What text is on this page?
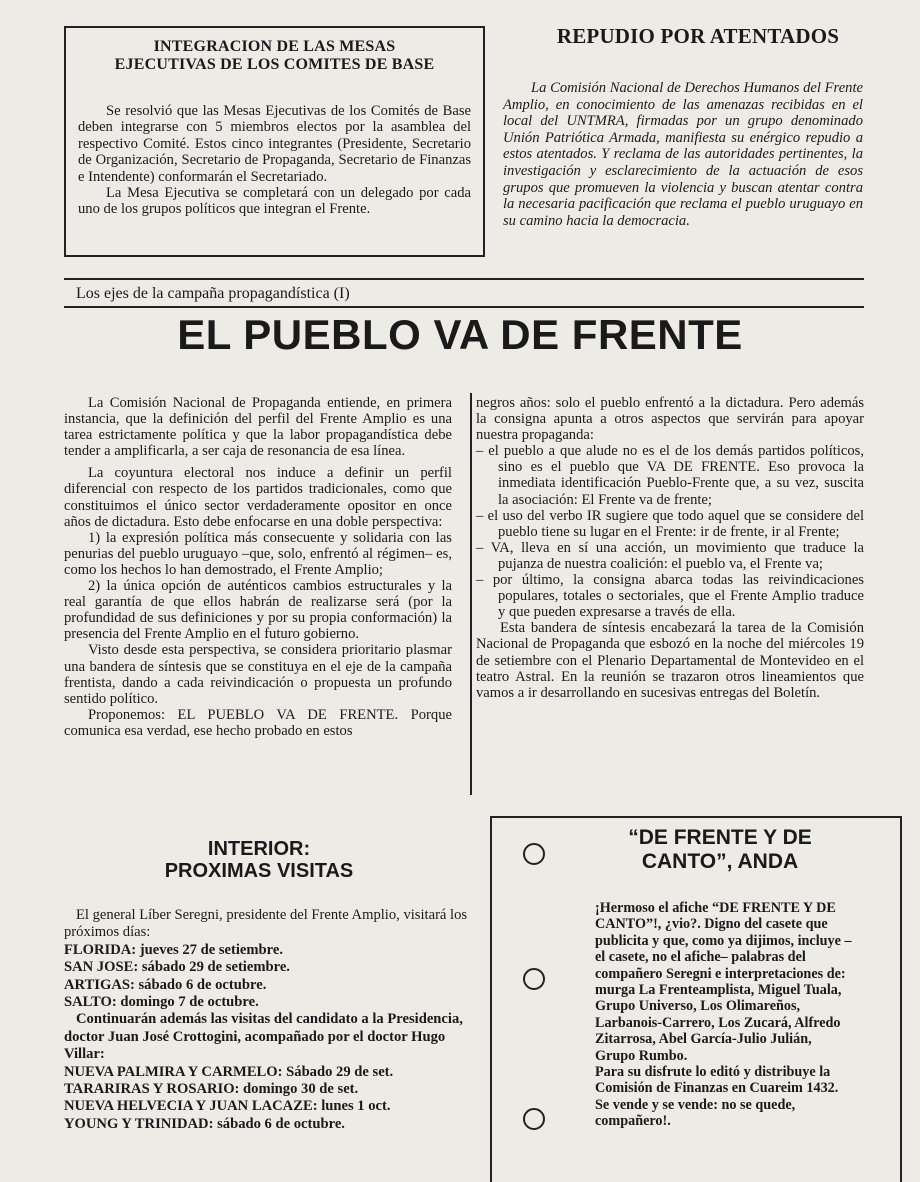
INTEGRACION DE LAS MESAS
EJECUTIVAS DE LOS COMITES DE BASE

Se resolvió que las Mesas Ejecutivas de los Comités de Base deben integrarse con 5 miembros electos por la asamblea del respectivo Comité. Estos cinco integrantes (Presidente, Secretario de Organización, Secretario de Propaganda, Secretario de Finanzas e Intendente) conformarán el Secretariado.

La Mesa Ejecutiva se completará con un delegado por cada uno de los grupos políticos que integran el Frente.

REPUDIO POR ATENTADOS
La Comisión Nacional de Derechos Humanos del Frente Amplio, en conocimiento de las amenazas recibidas en el local del UNTMRA, firmadas por un grupo denominado Unión Patriótica Armada, manifiesta su enérgico repudio a estos atentados. Y reclama de las autoridades pertinentes, la investigación y esclarecimiento de la actuación de esos grupos que promueven la violencia y buscan atentar contra la necesaria pacificación que reclama el pueblo uruguayo en su camino hacia la democracia.
Los ejes de la campaña propagandística (I)
EL PUEBLO VA DE FRENTE

La Comisión Nacional de Propaganda entiende, en primera instancia, que la definición del perfil del Frente Amplio es una tarea estrictamente política y que la labor propagandística debe tender a amplificarla, a ser caja de resonancia de esa línea.

La coyuntura electoral nos induce a definir un perfil diferencial con respecto de los partidos tradicionales, como que constituimos el único sector verdaderamente opositor en once años de dictadura. Esto debe enfocarse en una doble perspectiva:

1) la expresión política más consecuente y solidaria con las penurias del pueblo uruguayo –que, solo, enfrentó al régimen– es, como los hechos lo han demostrado, el Frente Amplio;

2) la única opción de auténticos cambios estructurales y la real garantía de que ellos habrán de realizarse será (por la profundidad de sus definiciones y por su propia conformación) la presencia del Frente Amplio en el futuro gobierno.

Visto desde esta perspectiva, se considera prioritario plasmar una bandera de síntesis que se constituya en el eje de la campaña frentista, dando a cada reivindicación o propuesta un profundo sentido político.

Proponemos: EL PUEBLO VA DE FRENTE. Porque comunica esa verdad, ese hecho probado en estos

negros años: solo el pueblo enfrentó a la dictadura. Pero además la consigna apunta a otros aspectos que servirán para apoyar nuestra propaganda:

– el pueblo a que alude no es el de los demás partidos políticos, sino es el pueblo que VA DE FRENTE. Eso provoca la inmediata identificación Pueblo-Frente que, a su vez, suscita la asociación: El Frente va de frente;

– el uso del verbo IR sugiere que todo aquel que se considere del pueblo tiene su lugar en el Frente: ir de frente, ir al Frente;

– VA, lleva en sí una acción, un movimiento que traduce la pujanza de nuestra coalición: el pueblo va, el Frente va;

– por último, la consigna abarca todas las reivindicaciones populares, totales o sectoriales, que el Frente Amplio traduce y que pueden expresarse a través de ella.

Esta bandera de síntesis encabezará la tarea de la Comisión Nacional de Propaganda que esbozó en la noche del miércoles 19 de setiembre con el Plenario Departamental de Montevideo en el teatro Astral. En la reunión se trazaron otros lineamientos que vamos a ir desarrollando en sucesivas entregas del Boletín.

INTERIOR:
PROXIMAS VISITAS

El general Líber Seregni, presidente del Frente Amplio, visitará los próximos días:

FLORIDA: jueves 27 de setiembre.

SAN JOSE: sábado 29 de setiembre.

ARTIGAS: sábado 6 de octubre.

SALTO: domingo 7 de octubre.

Continuarán además las visitas del candidato a la Presidencia, doctor Juan José Crottogini, acompañado por el doctor Hugo Villar:

NUEVA PALMIRA Y CARMELO: Sábado 29 de set.

TARARIRAS Y ROSARIO: domingo 30 de set.

NUEVA HELVECIA Y JUAN LACAZE: lunes 1 oct.

YOUNG Y TRINIDAD: sábado 6 de octubre.

“DE FRENTE Y DE
CANTO”, ANDA

¡Hermoso el afiche “DE FRENTE Y DE CANTO”!, ¿vio?. Digno del casete que publicita y que, como ya dijimos, incluye –el casete, no el afiche– palabras del compañero Seregni e interpretaciones de: murga La Frenteamplista, Miguel Tuala, Grupo Universo, Los Olimareños, Larbanois-Carrero, Los Zucará, Alfredo Zitarrosa, Abel García-Julio Julián, Grupo Rumbo.

Para su disfrute lo editó y distribuye la Comisión de Finanzas en Cuareim 1432. Se vende y se vende: no se quede, compañero!.
